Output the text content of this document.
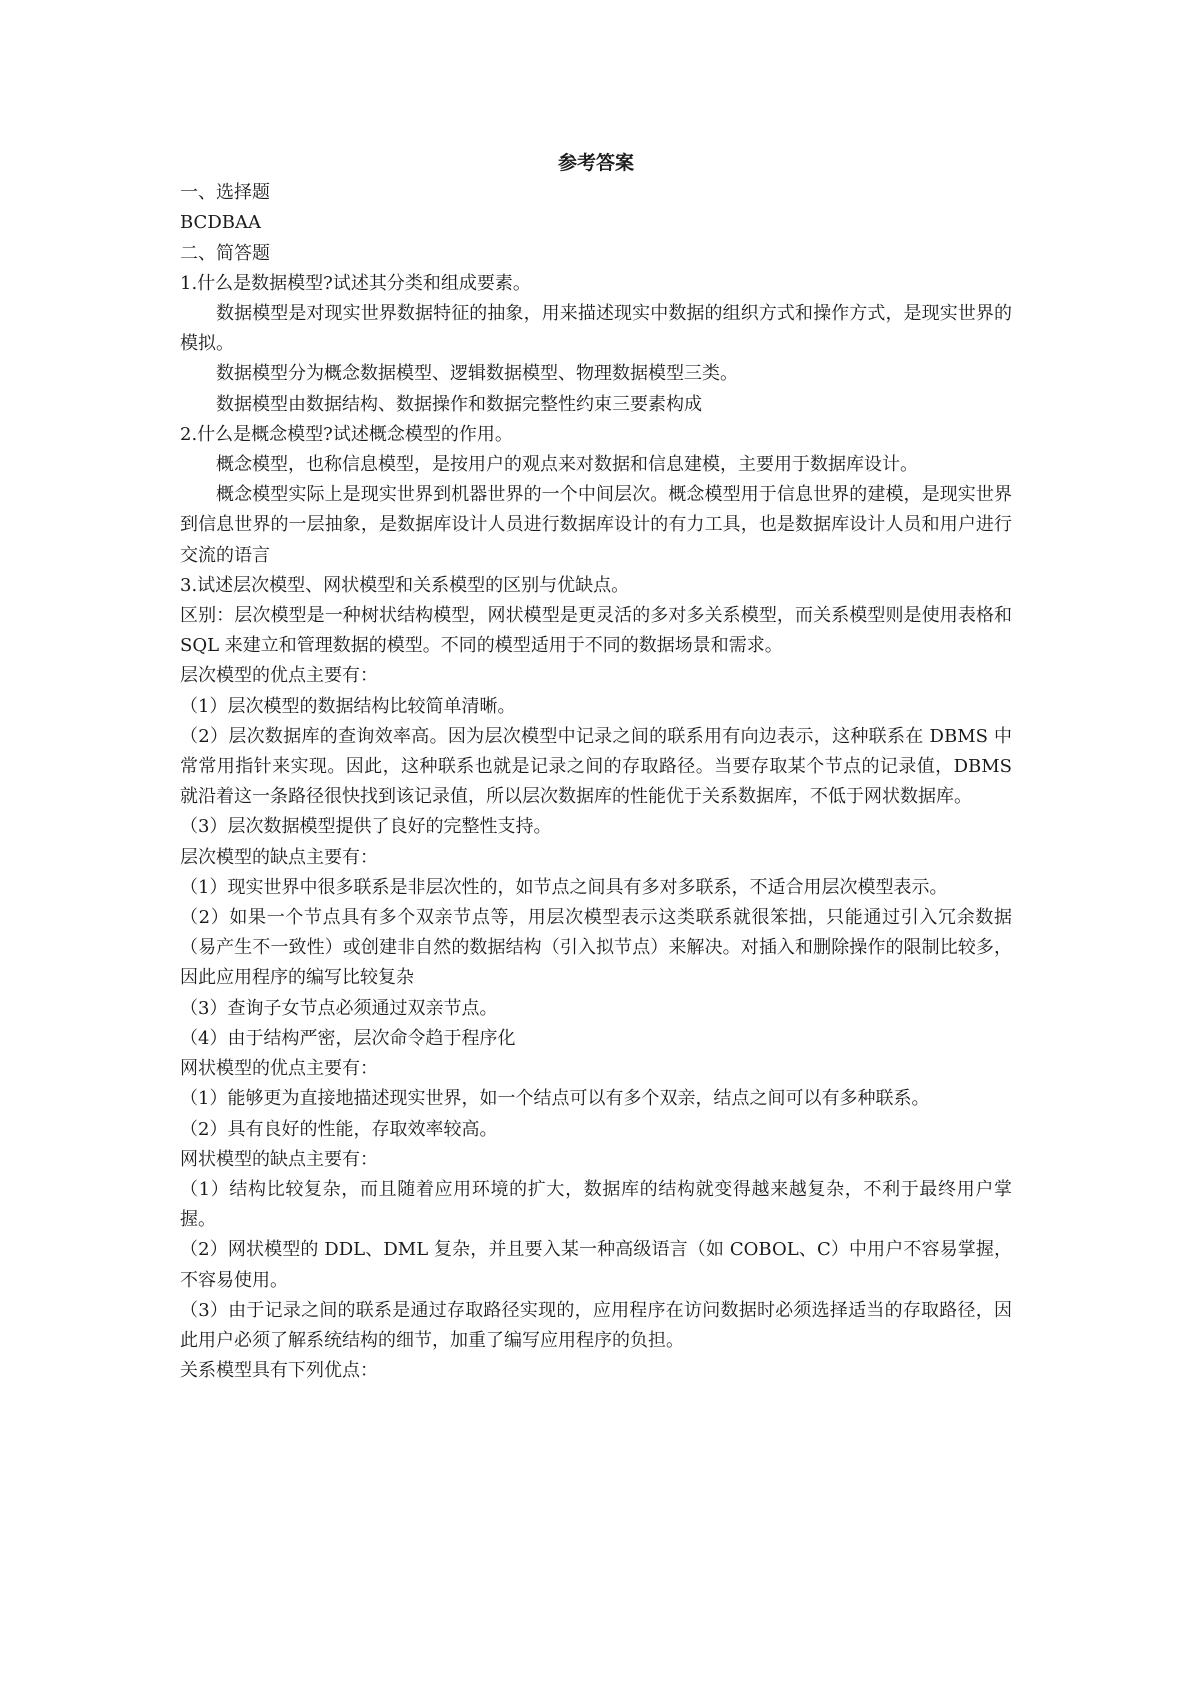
参考答案

一、选择题

BCDBAA

二、简答题

1.什么是数据模型?试述其分类和组成要素。

数据模型是对现实世界数据特征的抽象，用来描述现实中数据的组织方式和操作方式，是现实世界的模拟。

数据模型分为概念数据模型、逻辑数据模型、物理数据模型三类。

数据模型由数据结构、数据操作和数据完整性约束三要素构成

2.什么是概念模型?试述概念模型的作用。

概念模型，也称信息模型，是按用户的观点来对数据和信息建模，主要用于数据库设计。

概念模型实际上是现实世界到机器世界的一个中间层次。概念模型用于信息世界的建模，是现实世界到信息世界的一层抽象，是数据库设计人员进行数据库设计的有力工具，也是数据库设计人员和用户进行交流的语言

3.试述层次模型、网状模型和关系模型的区别与优缺点。

区别：层次模型是一种树状结构模型，网状模型是更灵活的多对多关系模型，而关系模型则是使用表格和 SQL 来建立和管理数据的模型。不同的模型适用于不同的数据场景和需求。

层次模型的优点主要有：

（1）层次模型的数据结构比较简单清晰。

（2）层次数据库的查询效率高。因为层次模型中记录之间的联系用有向边表示，这种联系在 DBMS 中常常用指针来实现。因此，这种联系也就是记录之间的存取路径。当要存取某个节点的记录值，DBMS 就沿着这一条路径很快找到该记录值，所以层次数据库的性能优于关系数据库，不低于网状数据库。

（3）层次数据模型提供了良好的完整性支持。

层次模型的缺点主要有：

（1）现实世界中很多联系是非层次性的，如节点之间具有多对多联系，不适合用层次模型表示。

（2）如果一个节点具有多个双亲节点等，用层次模型表示这类联系就很笨拙，只能通过引入冗余数据（易产生不一致性）或创建非自然的数据结构（引入拟节点）来解决。对插入和删除操作的限制比较多，因此应用程序的编写比较复杂

（3）查询子女节点必须通过双亲节点。

（4）由于结构严密，层次命令趋于程序化

网状模型的优点主要有：

（1）能够更为直接地描述现实世界，如一个结点可以有多个双亲，结点之间可以有多种联系。

（2）具有良好的性能，存取效率较高。

网状模型的缺点主要有：

（1）结构比较复杂，而且随着应用环境的扩大，数据库的结构就变得越来越复杂，不利于最终用户掌握。

（2）网状模型的 DDL、DML 复杂，并且要入某一种高级语言（如 COBOL、C）中用户不容易掌握，不容易使用。

（3）由于记录之间的联系是通过存取路径实现的，应用程序在访问数据时必须选择适当的存取路径，因此用户必须了解系统结构的细节，加重了编写应用程序的负担。

关系模型具有下列优点：
